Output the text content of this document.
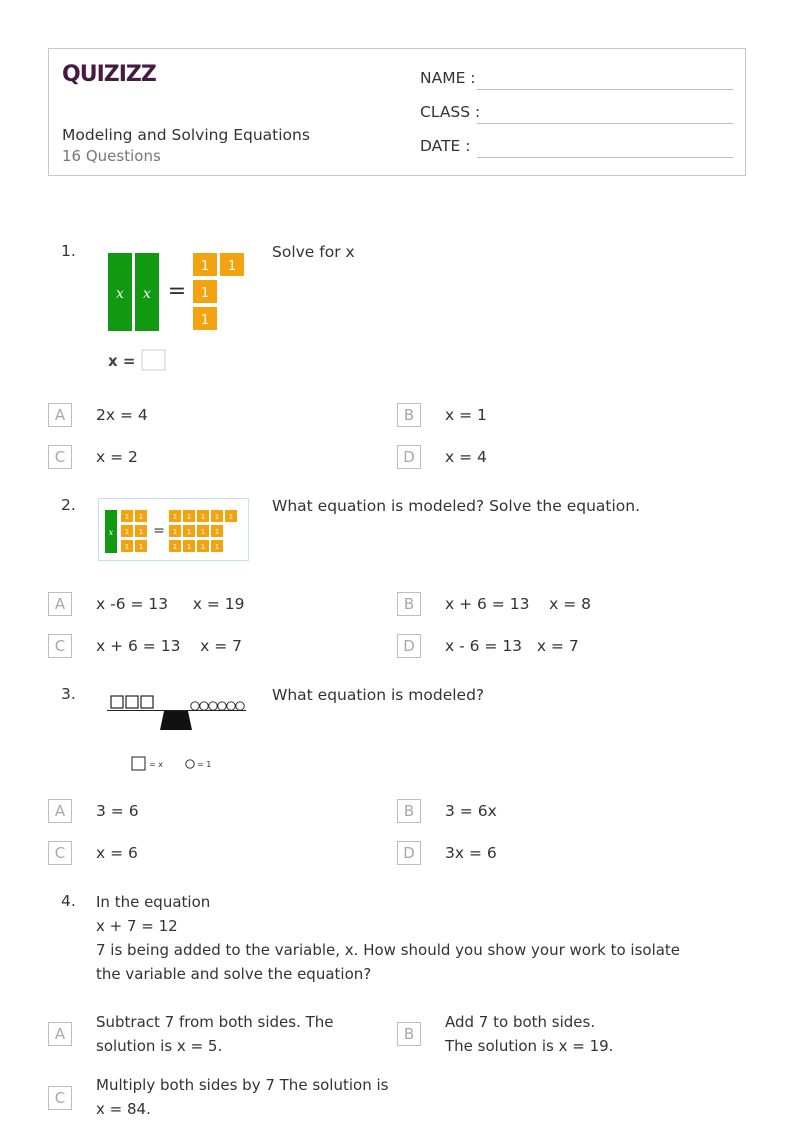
QUIZIZZ
Modeling and Solving Equations
16 Questions
NAME :
CLASS :
DATE :
1.
x x =
1 1
1
1
x =
Solve for x
A	2x = 4	B	x = 1
C	x = 2	D	x = 4
2.
x
1 1
1 1
1 1
=
1 1 1 1 1
1 1 1 1
1 1 1 1
What equation is modeled? Solve the equation.
A	x -6 = 13     x = 19	B	x + 6 = 13    x = 8
C	x + 6 = 13    x = 7	D	x - 6 = 13   x = 7
3.
= x	= 1
What equation is modeled?
A	3 = 6	B	3 = 6x
C	x = 6	D	3x = 6
4. In the equation
x + 7 = 12
7 is being added to the variable, x. How should you show your work to isolate the variable and solve the equation?
A
Subtract 7 from both sides. The solution is x = 5.
B
Add 7 to both sides.
The solution is x = 19.
C
Multiply both sides by 7 The solution is x = 84.
